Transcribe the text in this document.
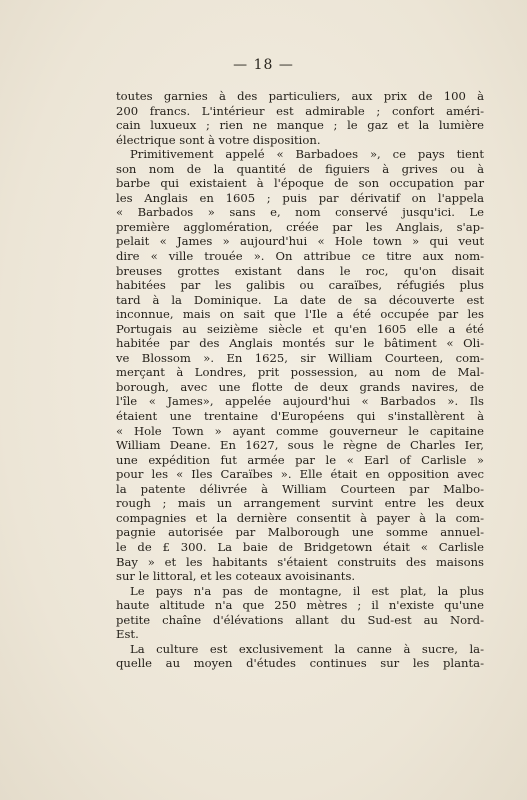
— 18 —

toutes garnies à des particuliers, aux prix de 100 à
200 francs. L'intérieur est admirable ; confort améri-
cain luxueux ; rien ne manque ; le gaz et la lumière
électrique sont à votre disposition.

Primitivement appelé « Barbadoes », ce pays tient
son nom de la quantité de figuiers à grives ou à
barbe qui existaient à l'époque de son occupation par
les Anglais en 1605 ; puis par dérivatif on l'appela
« Barbados » sans e, nom conservé jusqu'ici. Le
première agglomération, créée par les Anglais, s'ap-
pelait « James » aujourd'hui « Hole town » qui veut
dire « ville trouée ». On attribue ce titre aux nom-
breuses grottes existant dans le roc, qu'on disait
habitées par les galibis ou caraïbes, réfugiés plus
tard à la Dominique. La date de sa découverte est
inconnue, mais on sait que l'Ile a été occupée par les
Portugais au seizième siècle et qu'en 1605 elle a été
habitée par des Anglais montés sur le bâtiment « Oli-
ve Blossom ». En 1625, sir William Courteen, com-
merçant à Londres, prit possession, au nom de Mal-
borough, avec une flotte de deux grands navires, de
l'île « James», appelée aujourd'hui « Barbados ». Ils
étaient une trentaine d'Européens qui s'installèrent à
« Hole Town » ayant comme gouverneur le capitaine
William Deane. En 1627, sous le règne de Charles Ier,
une expédition fut armée par le « Earl of Carlisle »
pour les « Iles Caraïbes ». Elle était en opposition avec
la patente délivrée à William Courteen par Malbo-
rough ; mais un arrangement survint entre les deux
compagnies et la dernière consentit à payer à la com-
pagnie autorisée par Malborough une somme annuel-
le de £ 300. La baie de Bridgetown était « Carlisle
Bay » et les habitants s'étaient construits des maisons
sur le littoral, et les coteaux avoisinants.

Le pays n'a pas de montagne, il est plat, la plus
haute altitude n'a que 250 mètres ; il n'existe qu'une
petite chaîne d'élévations allant du Sud-est au Nord-
Est.

La culture est exclusivement la canne à sucre, la-
quelle au moyen d'études continues sur les planta-
